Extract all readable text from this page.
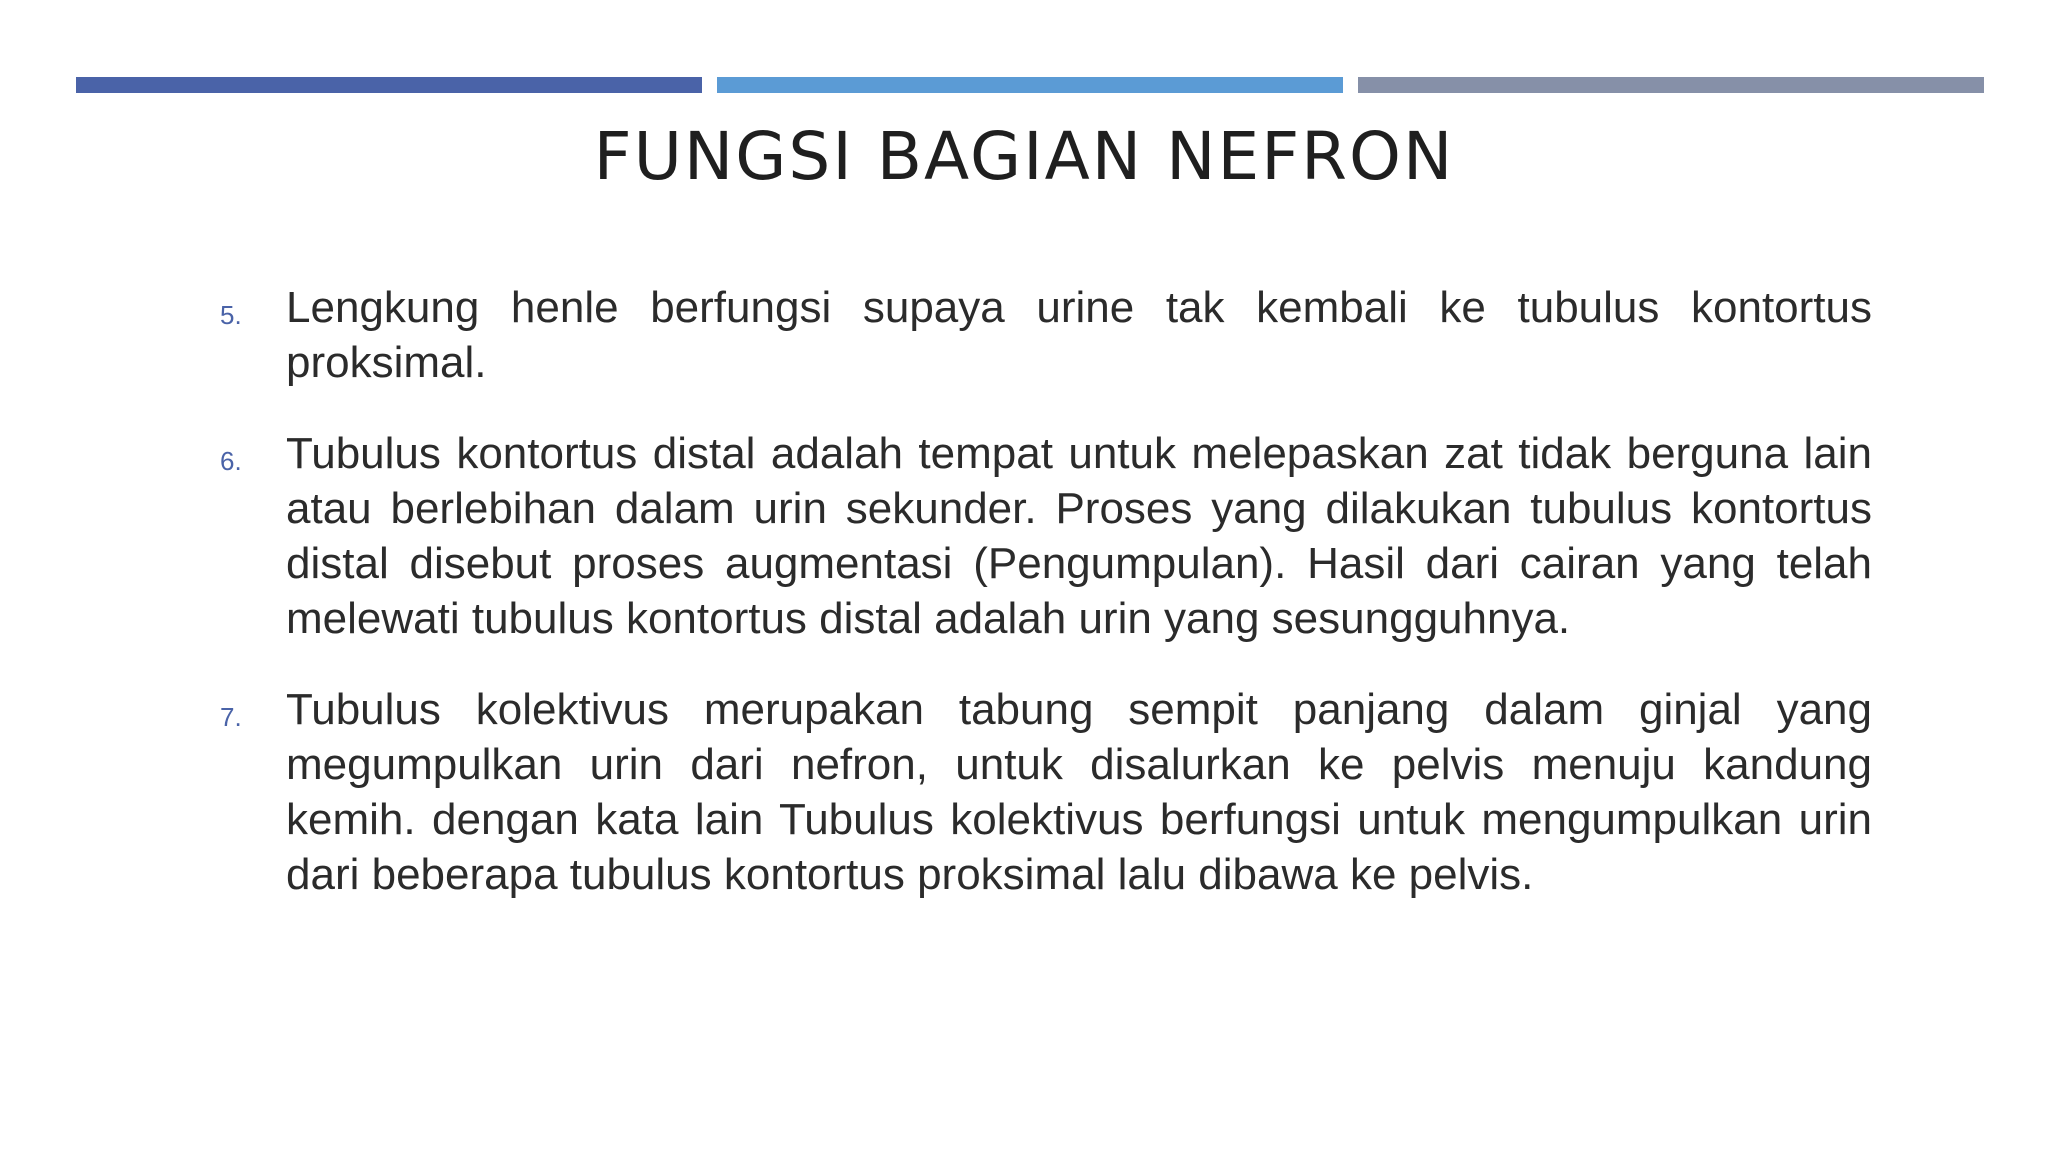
FUNGSI BAGIAN NEFRON
5.	Lengkung henle berfungsi supaya urine tak kembali ke tubulus kontortus proksimal.

6.	Tubulus kontortus distal adalah tempat untuk melepaskan zat tidak berguna lain atau berlebihan dalam urin sekunder. Proses yang dilakukan tubulus kontortus distal disebut proses augmentasi (Pengumpulan). Hasil dari cairan yang telah melewati tubulus kontortus distal adalah urin yang sesungguhnya.

7.	Tubulus kolektivus merupakan tabung sempit panjang dalam ginjal yang megumpulkan urin dari nefron, untuk disalurkan ke pelvis menuju kandung kemih. dengan kata lain Tubulus kolektivus berfungsi untuk mengumpulkan urin dari beberapa tubulus kontortus proksimal lalu dibawa ke pelvis.
